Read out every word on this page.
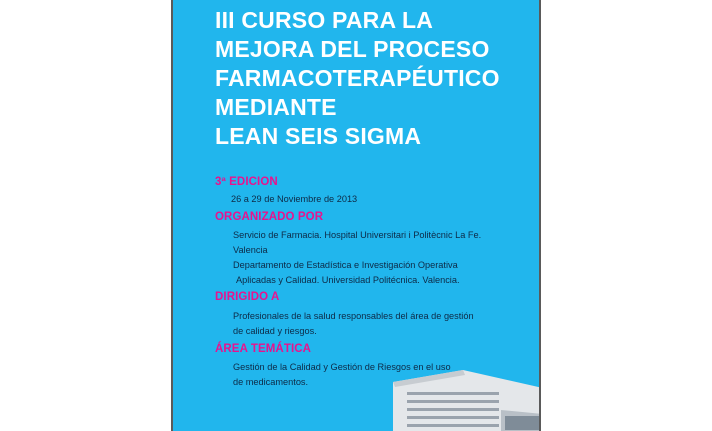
III CURSO PARA LA
MEJORA DEL PROCESO
FARMACOTERAPÉUTICO
MEDIANTE
LEAN SEIS SIGMA
3ª EDICION
26 a 29 de Noviembre de 2013
ORGANIZADO POR
Servicio de Farmacia. Hospital Universitari i Politècnic La Fe.
Valencia
Departamento de Estadística e Investigación Operativa
Aplicadas y Calidad. Universidad Politécnica. Valencia.
DIRIGIDO A
Profesionales de la salud responsables del área de gestión
de calidad y riesgos.
ÁREA TEMÁTICA
Gestión de la Calidad y Gestión de Riesgos en el uso
de medicamentos.
